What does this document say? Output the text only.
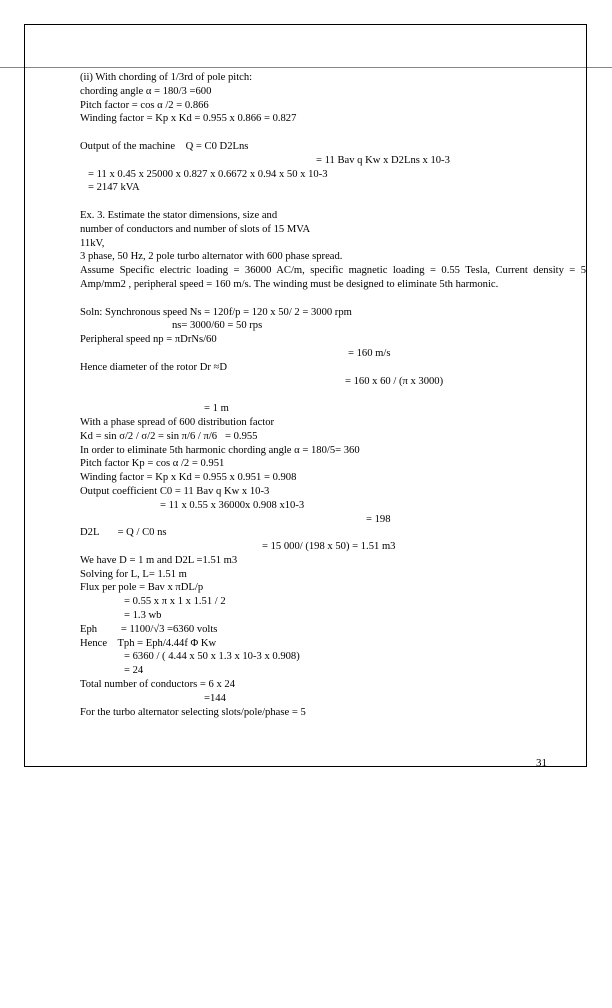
(ii) With chording of 1/3rd of pole pitch:

chording angle α = 180/3 =600

Pitch factor = cos α /2 = 0.866

Winding factor = Kp x Kd = 0.955 x 0.866 = 0.827

Output of the machine    Q = C0 D2Lns

= 11 Bav q Kw x D2Lns x 10-3

= 11 x 0.45 x 25000 x 0.827 x 0.6672 x 0.94 x 50 x 10-3

= 2147 kVA

Ex. 3. Estimate the stator dimensions, size and

number of conductors and number of slots of 15 MVA

11kV,

3 phase, 50 Hz, 2 pole turbo alternator with 600 phase spread.

Assume Specific electric loading = 36000 AC/m, specific magnetic loading = 0.55 Tesla, Current density = 5 Amp/mm2 , peripheral speed = 160 m/s. The winding must be designed to eliminate 5th harmonic.

Soln: Synchronous speed Ns = 120f/p = 120 x 50/ 2 = 3000 rpm

ns= 3000/60 = 50 rps

Peripheral speed np = πDrNs/60

= 160 m/s

Hence diameter of the rotor Dr ≈D

= 160 x 60 / (π x 3000)

= 1 m

With a phase spread of 600 distribution factor

Kd = sin σ/2 / σ/2 = sin π/6 / π/6   = 0.955

In order to eliminate 5th harmonic chording angle α = 180/5= 360

Pitch factor Kp = cos α /2 = 0.951

Winding factor = Kp x Kd = 0.955 x 0.951 = 0.908

Output coefficient C0 = 11 Bav q Kw x 10-3

= 11 x 0.55 x 36000x 0.908 x10-3

= 198

D2L       = Q / C0 ns

= 15 000/ (198 x 50) = 1.51 m3

We have D = 1 m and D2L =1.51 m3

Solving for L, L= 1.51 m

Flux per pole = Bav x πDL/p

= 0.55 x π x 1 x 1.51 / 2

= 1.3 wb

Eph         = 1100/√3 =6360 volts

Hence    Tph = Eph/4.44f Φ Kw

= 6360 / ( 4.44 x 50 x 1.3 x 10-3 x 0.908)

= 24

Total number of conductors = 6 x 24

=144

For the turbo alternator selecting slots/pole/phase = 5

31
